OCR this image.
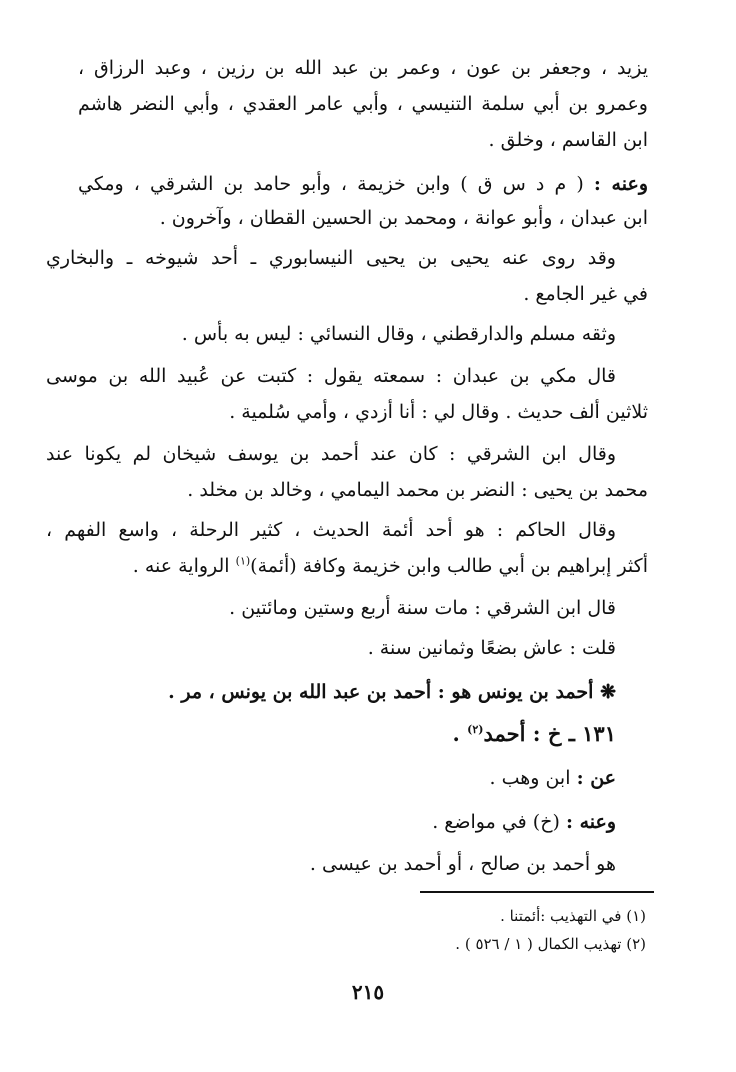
يزيد ، وجعفر بن عون ، وعمر بن عبد الله بن رزين ، وعبد الرزاق ،
وعمرو بن أبي سلمة التنيسي ، وأبي عامر العقدي ، وأبي النضر هاشم
ابن القاسم ، وخلق .
وعنه : ( م د س ق ) وابن خزيمة ، وأبو حامد بن الشرقي ، ومكي
ابن عبدان ، وأبو عوانة ، ومحمد بن الحسين القطان ، وآخرون .
وقد روى عنه يحيى بن يحيى النيسابوري ـ أحد شيوخه ـ والبخاري
في غير الجامع .
وثقه مسلم والدارقطني ، وقال النسائي : ليس به بأس .
قال مكي بن عبدان : سمعته يقول : كتبت عن عُبيد الله بن موسى
ثلاثين ألف حديث . وقال لي : أنا أزدي ، وأمي سُلمية .
وقال ابن الشرقي : كان عند أحمد بن يوسف شيخان لم يكونا عند
محمد بن يحيى : النضر بن محمد اليمامي ، وخالد بن مخلد .
وقال الحاكم : هو أحد أئمة الحديث ، كثير الرحلة ، واسع الفهم ،
أكثر إبراهيم بن أبي طالب وابن خزيمة وكافة (أئمة)$^{(١)}$ الرواية عنه .
قال ابن الشرقي : مات سنة أربع وستين ومائتين .
قلت : عاش بضعًا وثمانين سنة .
❋ أحمد بن يونس هو : أحمد بن عبد الله بن يونس ، مر .
١٣١ ـ خ : أحمد$^{(٢)}$ .
عن : ابن وهب .
وعنه : (خ) في مواضع .
هو أحمد بن صالح ، أو أحمد بن عيسى .
(١) في التهذيب :أئمتنا .
(٢) تهذيب الكمال ( ١ / ٥٢٦ ) .
٢١٥
